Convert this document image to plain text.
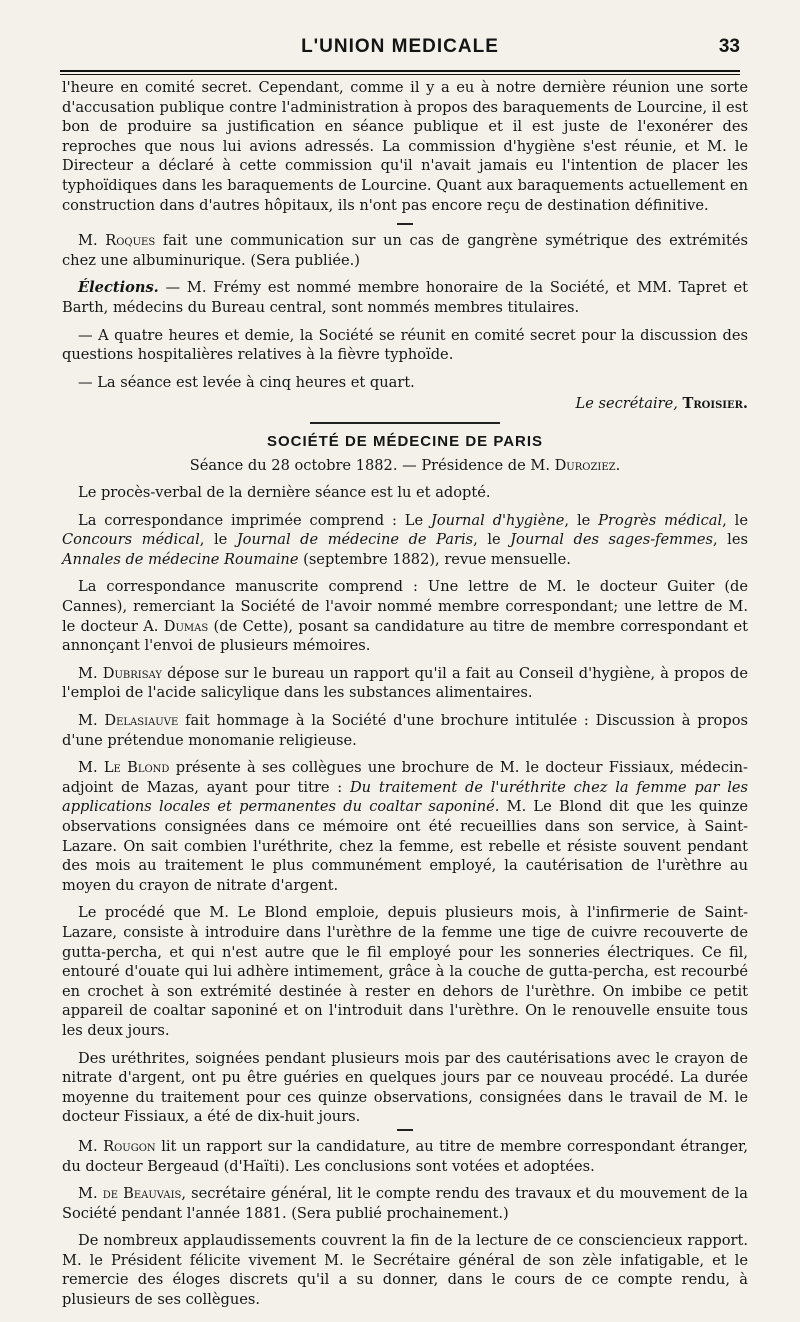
L'UNION MEDICALE	33

l'heure en comité secret. Cependant, comme il y a eu à notre dernière réunion une sorte d'accusation publique contre l'administration à propos des baraquements de Lourcine, il est bon de produire sa justification en séance publique et il est juste de l'exonérer des reproches que nous lui avions adressés. La commission d'hygiène s'est réunie, et M. le Directeur a déclaré à cette commission qu'il n'avait jamais eu l'intention de placer les typhoïdiques dans les baraquements de Lourcine. Quant aux baraquements actuellement en construction dans d'autres hôpitaux, ils n'ont pas encore reçu de destination définitive.

M. Roques fait une communication sur un cas de gangrène symétrique des extrémités chez une albuminurique. (Sera publiée.)

Élections. — M. Frémy est nommé membre honoraire de la Société, et MM. Tapret et Barth, médecins du Bureau central, sont nommés membres titulaires.

— A quatre heures et demie, la Société se réunit en comité secret pour la discussion des questions hospitalières relatives à la fièvre typhoïde.

— La séance est levée à cinq heures et quart.

Le secrétaire, Troisier.

SOCIÉTÉ DE MÉDECINE DE PARIS
Séance du 28 octobre 1882. — Présidence de M. Duroziez.

Le procès-verbal de la dernière séance est lu et adopté.

La correspondance imprimée comprend : Le Journal d'hygiène, le Progrès médical, le Concours médical, le Journal de médecine de Paris, le Journal des sages-femmes, les Annales de médecine Roumaine (septembre 1882), revue mensuelle.

La correspondance manuscrite comprend : Une lettre de M. le docteur Guiter (de Cannes), remerciant la Société de l'avoir nommé membre correspondant; une lettre de M. le docteur A. Dumas (de Cette), posant sa candidature au titre de membre correspondant et annonçant l'envoi de plusieurs mémoires.

M. Dubrisay dépose sur le bureau un rapport qu'il a fait au Conseil d'hygiène, à propos de l'emploi de l'acide salicylique dans les substances alimentaires.

M. Delasiauve fait hommage à la Société d'une brochure intitulée : Discussion à propos d'une prétendue monomanie religieuse.

M. Le Blond présente à ses collègues une brochure de M. le docteur Fissiaux, médecin-adjoint de Mazas, ayant pour titre : Du traitement de l'uréthrite chez la femme par les applications locales et permanentes du coaltar saponiné. M. Le Blond dit que les quinze observations consignées dans ce mémoire ont été recueillies dans son service, à Saint-Lazare. On sait combien l'uréthrite, chez la femme, est rebelle et résiste souvent pendant des mois au traitement le plus communément employé, la cautérisation de l'urèthre au moyen du crayon de nitrate d'argent.

Le procédé que M. Le Blond emploie, depuis plusieurs mois, à l'infirmerie de Saint-Lazare, consiste à introduire dans l'urèthre de la femme une tige de cuivre recouverte de gutta-percha, et qui n'est autre que le fil employé pour les sonneries électriques. Ce fil, entouré d'ouate qui lui adhère intimement, grâce à la couche de gutta-percha, est recourbé en crochet à son extrémité destinée à rester en dehors de l'urèthre. On imbibe ce petit appareil de coaltar saponiné et on l'introduit dans l'urèthre. On le renouvelle ensuite tous les deux jours.

Des uréthrites, soignées pendant plusieurs mois par des cautérisations avec le crayon de nitrate d'argent, ont pu être guéries en quelques jours par ce nouveau procédé. La durée moyenne du traitement pour ces quinze observations, consignées dans le travail de M. le docteur Fissiaux, a été de dix-huit jours.

M. Rougon lit un rapport sur la candidature, au titre de membre correspondant étranger, du docteur Bergeaud (d'Haïti). Les conclusions sont votées et adoptées.

M. de Beauvais, secrétaire général, lit le compte rendu des travaux et du mouvement de la Société pendant l'année 1881. (Sera publié prochainement.)

De nombreux applaudissements couvrent la fin de la lecture de ce consciencieux rapport. M. le Président félicite vivement M. le Secrétaire général de son zèle infatigable, et le remercie des éloges discrets qu'il a su donner, dans le cours de ce compte rendu, à plusieurs de ses collègues.
